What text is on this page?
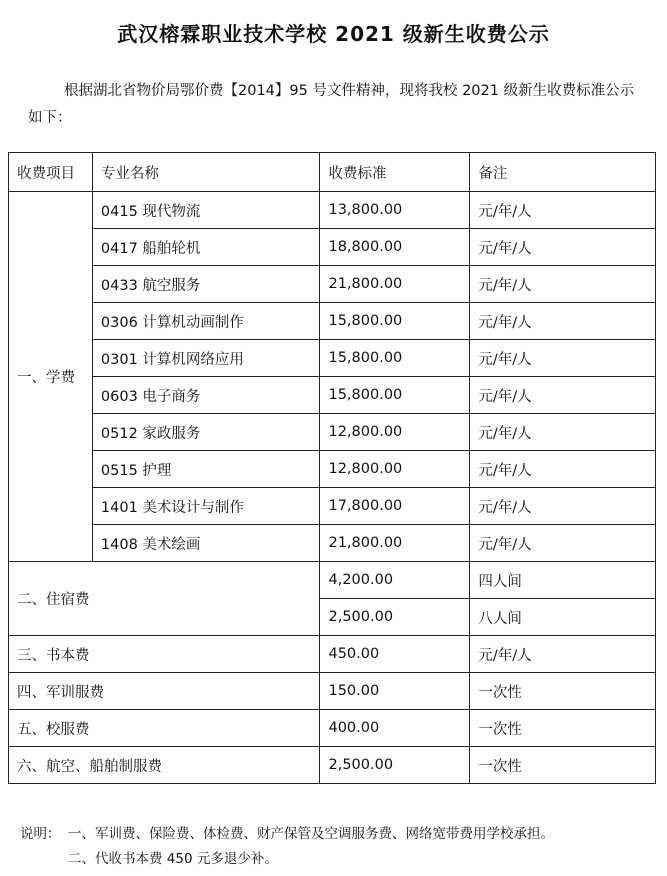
武汉榕霖职业技术学校 2021 级新生收费公示
根据湖北省物价局鄂价费【2014】95 号文件精神，现将我校 2021 级新生收费标准公示如下：
收费项目	专业名称	收费标准	备注
一、学费	0415 现代物流	13,800.00	元/年/人
	0417 船舶轮机	18,800.00	元/年/人
	0433 航空服务	21,800.00	元/年/人
	0306 计算机动画制作	15,800.00	元/年/人
	0301 计算机网络应用	15,800.00	元/年/人
	0603 电子商务	15,800.00	元/年/人
	0512 家政服务	12,800.00	元/年/人
	0515 护理	12,800.00	元/年/人
	1401 美术设计与制作	17,800.00	元/年/人
	1408 美术绘画	21,800.00	元/年/人
二、住宿费		4,200.00	四人间
		2,500.00	八人间
三、书本费		450.00	元/年/人
四、军训服费		150.00	一次性
五、校服费		400.00	一次性
六、航空、船舶制服费		2,500.00	一次性
说明： 一、军训费、保险费、体检费、财产保管及空调服务费、网络宽带费用学校承担。
二、代收书本费 450 元多退少补。
